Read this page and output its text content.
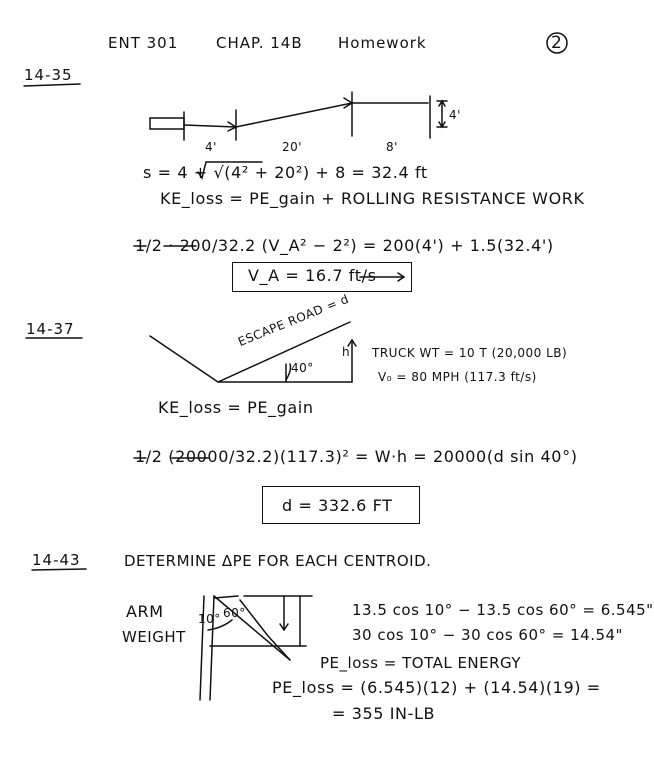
ENT 301	CHAP. 14B Homework	2
14-35
4'	20'	8'
4'
s = 4 + √(4² + 20²) + 8 = 32.4 ft
KE_loss = PE_gain + ROLLING RESISTANCE WORK
1/2 · 200/32.2 (V_A² − 2²) = 200(4') + 1.5(32.4')
V_A = 16.7 ft/s
14-37	ESCAPE ROAD = d
40°
h TRUCK WT = 10 T (20,000 LB)
V₀ = 80 MPH (117.3 ft/s)
KE_loss = PE_gain
1/2 (20000/32.2)(117.3)² = W·h = 20000(d sin 40°)
d = 332.6 FT
14-43	DETERMINE ΔPE FOR EACH CENTROID.
ARM
WEIGHT
10° 60°	13.5 cos 10° − 13.5 cos 60° = 6.545"
30 cos 10° − 30 cos 60° = 14.54"
PE_loss = TOTAL ENERGY
PE_loss = (6.545)(12) + (14.54)(19) =
= 355 IN-LB
